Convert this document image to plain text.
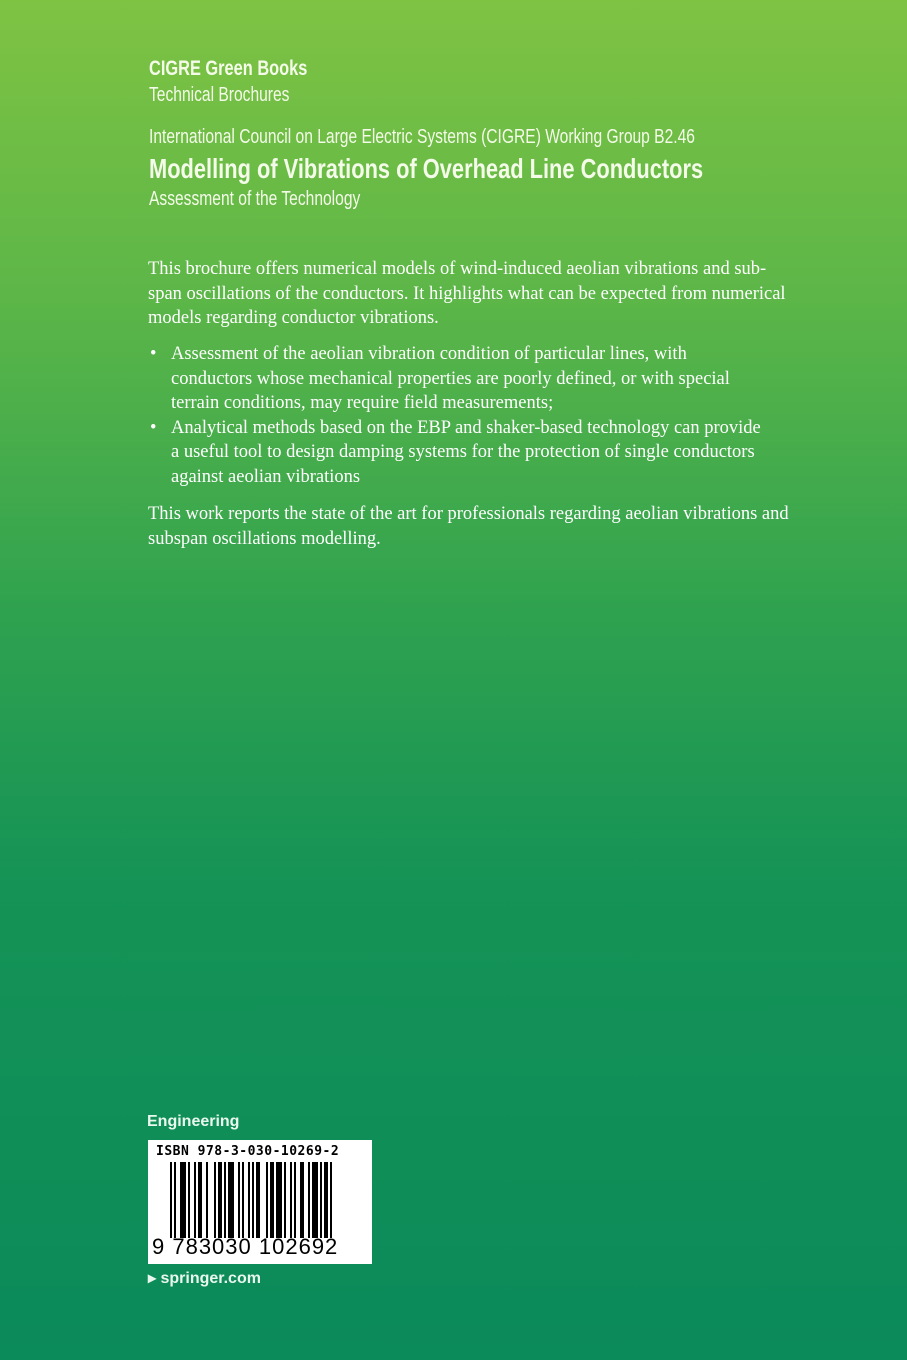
CIGRE Green Books
Technical Brochures
International Council on Large Electric Systems (CIGRE) Working Group B2.46
Modelling of Vibrations of Overhead Line Conductors
Assessment of the Technology
This brochure offers numerical models of wind-induced aeolian vibrations and sub-
span oscillations of the conductors. It highlights what can be expected from numerical
models regarding conductor vibrations.
• Assessment of the aeolian vibration condition of particular lines, with
conductors whose mechanical properties are poorly defined, or with special
terrain conditions, may require field measurements;
• Analytical methods based on the EBP and shaker-based technology can provide
a useful tool to design damping systems for the protection of single conductors
against aeolian vibrations
This work reports the state of the art for professionals regarding aeolian vibrations and
subspan oscillations modelling.
Engineering
ISBN 978-3-030-10269-2
9 783030 102692
▸ springer.com
